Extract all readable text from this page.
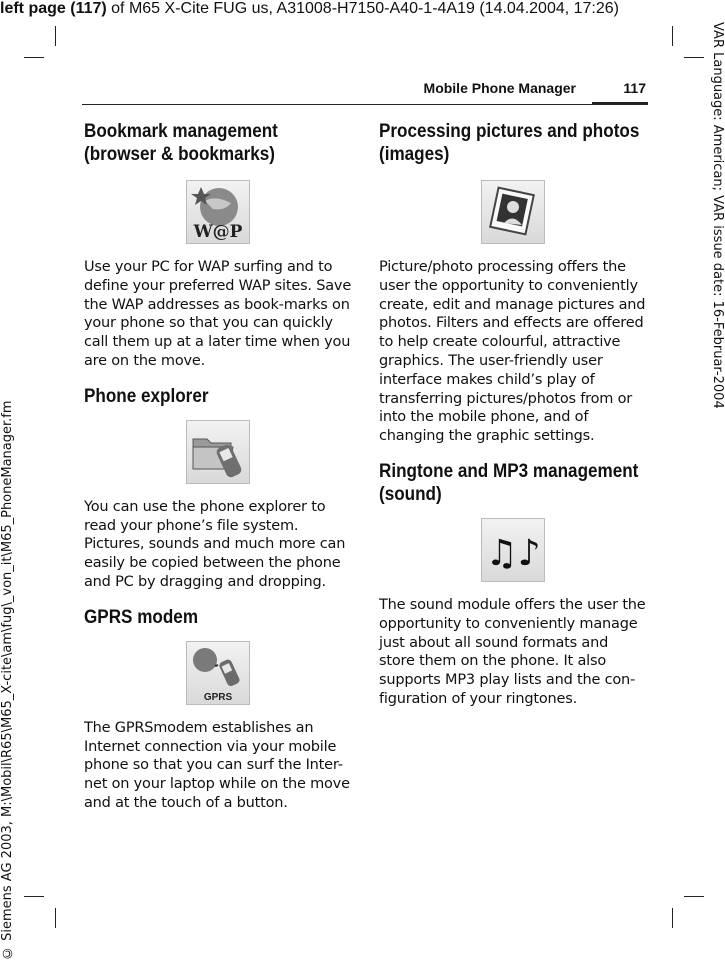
left page (117) of M65 X-Cite FUG us, A31008-H7150-A40-1-4A19 (14.04.2004, 17:26)
Mobile Phone Manager	117	VAR Language: American; VAR issue date: 16-Februar-2004
© Siemens AG 2003, M:\Mobil\R65\M65_X-cite\am\fug\_von_it\M65_PhoneManager.fm
Bookmark management (browser & bookmarks)
W@P

Use your PC for WAP surfing and to define your preferred WAP sites. Save the WAP addresses as book-marks on your phone so that you can quickly call them up at a later time when you are on the move.

Phone explorer

You can use the phone explorer to read your phone’s file system. Pictures, sounds and much more can easily be copied between the phone and PC by dragging and dropping.

GPRS modem
GPRS

The GPRSmodem establishes an Internet connection via your mobile phone so that you can surf the Inter-net on your laptop while on the move and at the touch of a button.

Processing pictures and photos (images)

Picture/photo processing offers the user the opportunity to conveniently create, edit and manage pictures and photos. Filters and effects are offered to help create colourful, attractive graphics. The user-friendly user interface makes child’s play of transferring pictures/photos from or into the mobile phone, and of changing the graphic settings.

Ringtone and MP3 management (sound)
♫♪

The sound module offers the user the opportunity to conveniently manage just about all sound formats and store them on the phone. It also supports MP3 play lists and the con-figuration of your ringtones.
